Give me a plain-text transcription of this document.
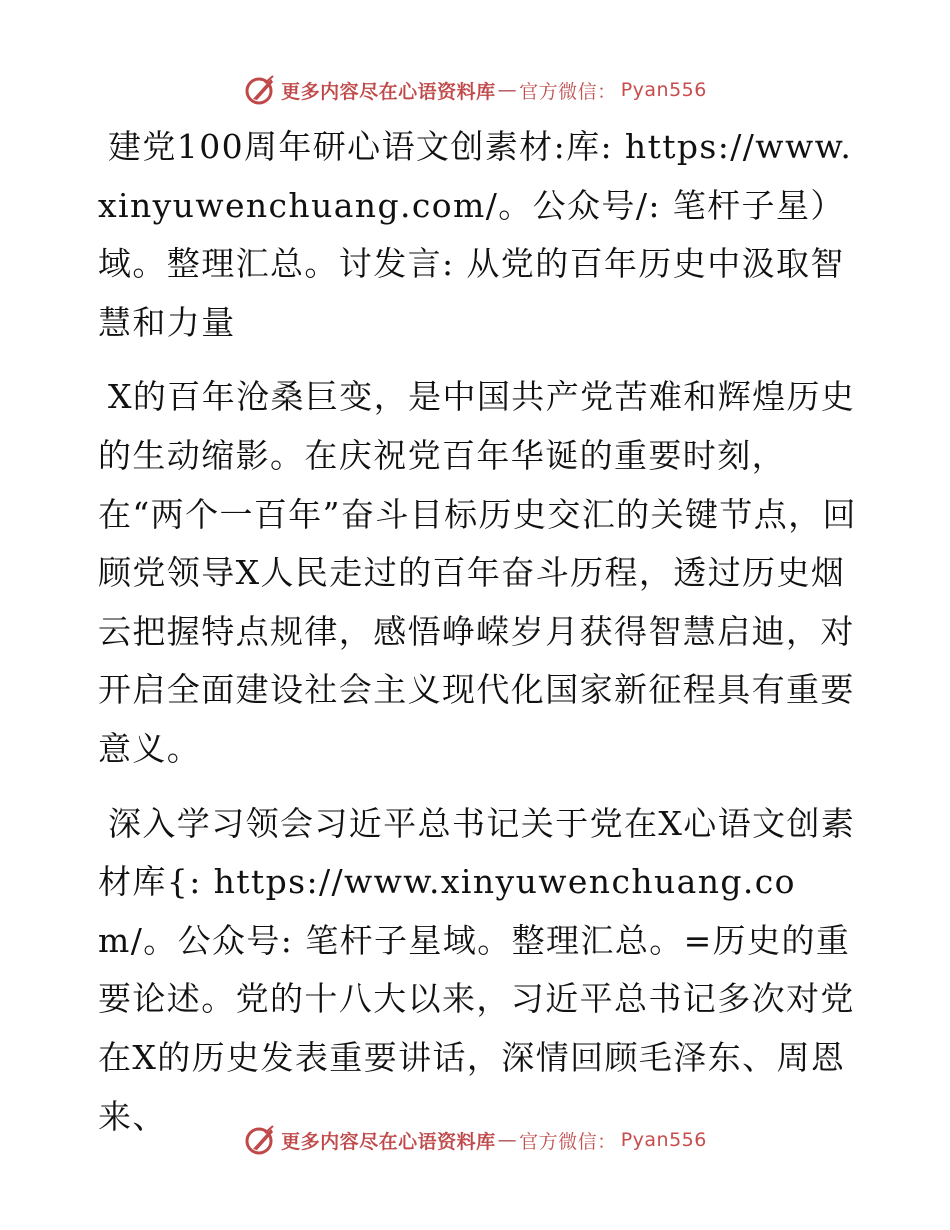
更多内容尽在心语资料库 — 官方微信： Pyan556

建党100周年研心语文创素材:库: https://www.xinyuwenchuang.com/。公众号/: 笔杆子星）域。整理汇总。讨发言: 从党的百年历史中汲取智慧和力量

X的百年沧桑巨变，是中国共产党苦难和辉煌历史的生动缩影。在庆祝党百年华诞的重要时刻，在“两个一百年”奋斗目标历史交汇的关键节点，回顾党领导X人民走过的百年奋斗历程，透过历史烟云把握特点规律，感悟峥嵘岁月获得智慧启迪，对开启全面建设社会主义现代化国家新征程具有重要意义。

深入学习领会习近平总书记关于党在X心语文创素材库{: https://www.xinyuwenchuang.com/。公众号: 笔杆子星域。整理汇总。=历史的重要论述。党的十八大以来，习近平总书记多次对党在X的历史发表重要讲话，深情回顾毛泽东、周恩来、

更多内容尽在心语资料库 — 官方微信： Pyan556
